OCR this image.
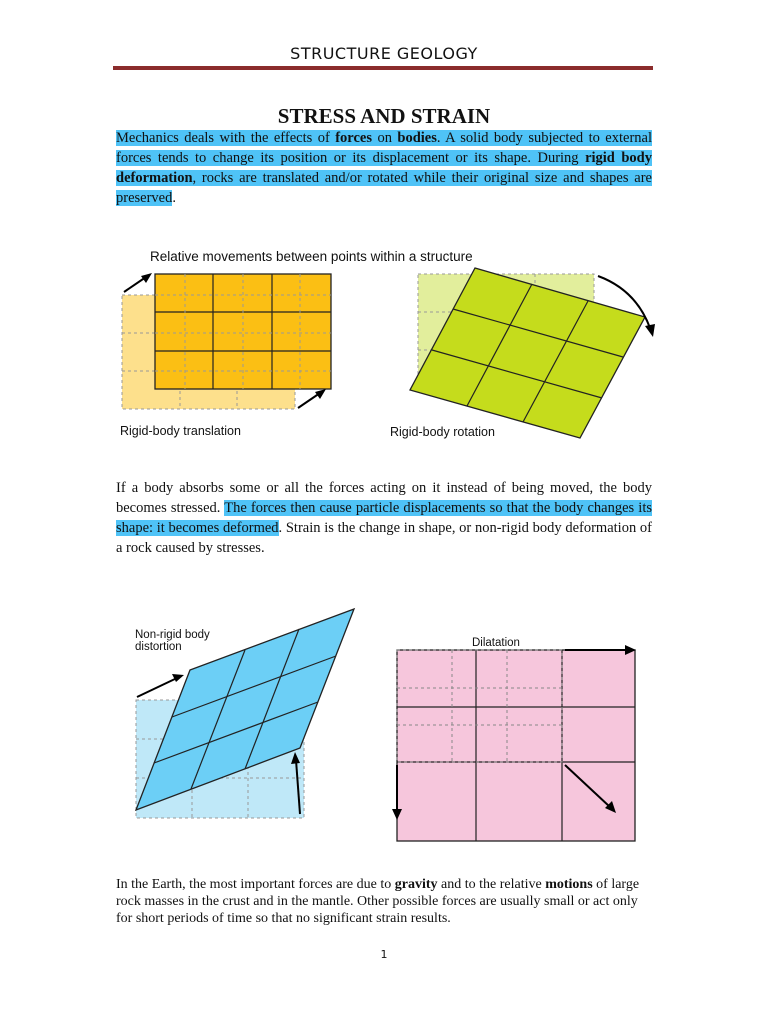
STRUCTURE GEOLOGY
STRESS AND STRAIN

Mechanics deals with the effects of forces on bodies. A solid body subjected to external forces tends to change its position or its displacement or its shape. During rigid body deformation, rocks are translated and/or rotated while their original size and shapes are preserved.

Relative movements between points within a structure
Rigid-body translation	Rigid-body rotation

If a body absorbs some or all the forces acting on it instead of being moved, the body becomes stressed. The forces then cause particle displacements so that the body changes its shape: it becomes deformed. Strain is the change in shape, or non-rigid body deformation of a rock caused by stresses.

Non-rigid body
distortion	Dilatation

In the Earth, the most important forces are due to gravity and to the relative motions of large rock masses in the crust and in the mantle. Other possible forces are usually small or act only for short periods of time so that no significant strain results.

1
